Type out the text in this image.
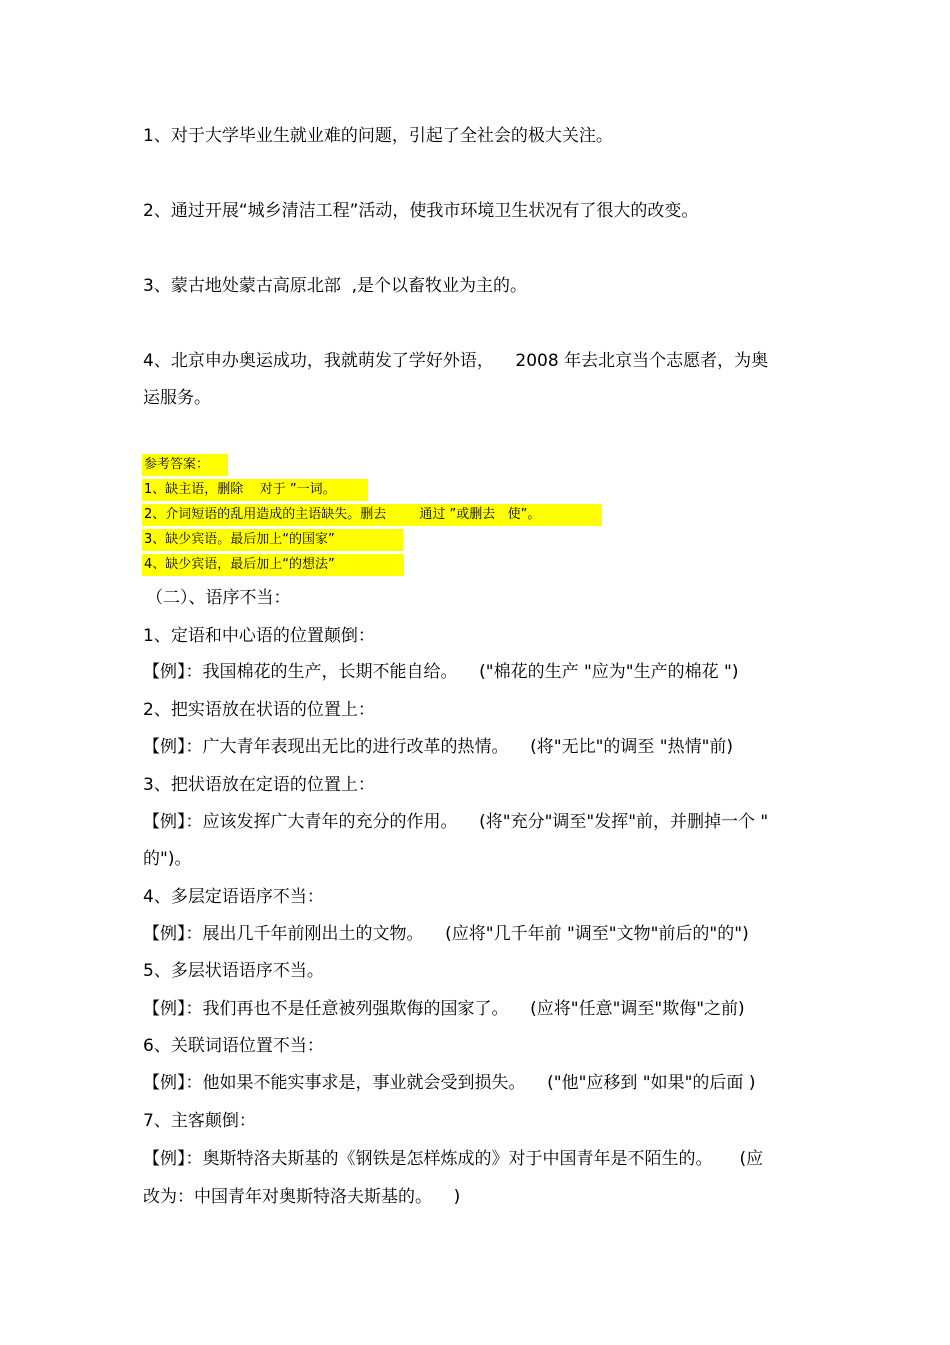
1、对于大学毕业生就业难的问题，引起了全社会的极大关注。
2、通过开展“城乡清洁工程”活动，使我市环境卫生状况有了很大的改变。
3、蒙古地处蒙古高原北部  ,是个以畜牧业为主的。
4、北京申办奥运成功，我就萌发了学好外语，    2008 年去北京当个志愿者，为奥
运服务。
参考答案：
1、缺主语，删除    对于 ”一词。
2、介词短语的乱用造成的主语缺失。删去        通过 ”或删去   使”。
3、缺少宾语。最后加上“的国家”
4、缺少宾语，最后加上“的想法”
（二）、语序不当：
1、定语和中心语的位置颠倒：
【例】：我国棉花的生产，长期不能自给。    ("棉花的生产 "应为"生产的棉花 ")
2、把实语放在状语的位置上：
【例】：广大青年表现出无比的进行改革的热情。    (将"无比"的调至 "热情"前)
3、把状语放在定语的位置上：
【例】：应该发挥广大青年的充分的作用。    (将"充分"调至"发挥"前，并删掉一个 "
的")。
4、多层定语语序不当：
【例】：展出几千年前刚出土的文物。    (应将"几千年前 "调至"文物"前后的"的")
5、多层状语语序不当。
【例】：我们再也不是任意被列强欺侮的国家了。    (应将"任意"调至"欺侮"之前)
6、关联词语位置不当：
【例】：他如果不能实事求是，事业就会受到损失。    ("他"应移到 "如果"的后面 )
7、主客颠倒：
【例】：奥斯特洛夫斯基的《钢铁是怎样炼成的》对于中国青年是不陌生的。     (应
改为：中国青年对奥斯特洛夫斯基的。    )
